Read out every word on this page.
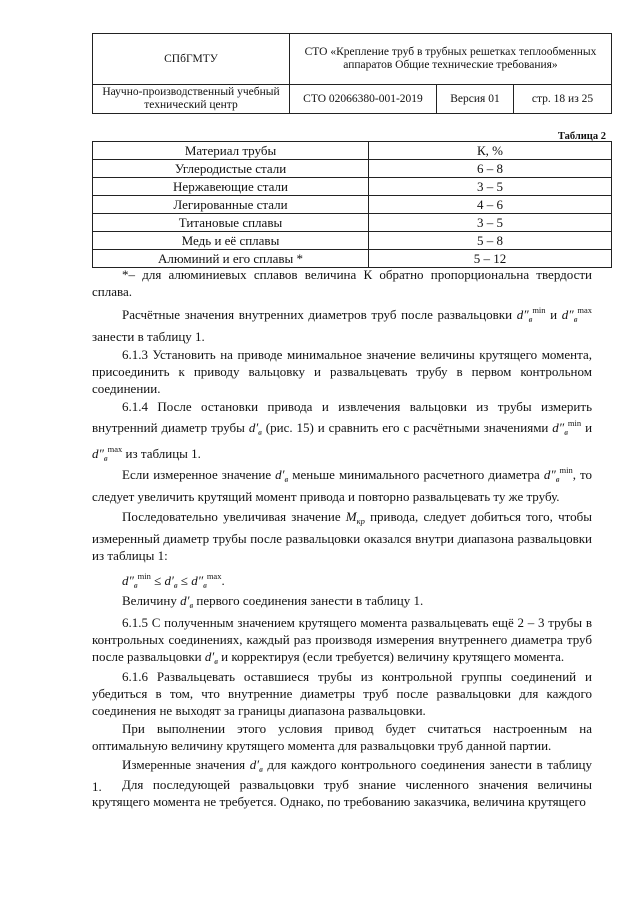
СПбГМТУ	СТО «Крепление труб в трубных решетках теплообменных аппаратов Общие технические требования»		
Научно-производственный учебный технический центр	СТО 02066380-001-2019	Версия 01	стр. 18 из 25
Таблица 2
Материал трубы	К, %
Углеродистые стали	6 – 8
Нержавеющие стали	3 – 5
Легированные стали	4 – 6
Титановые сплавы	3 – 5
Медь и её сплавы	5 – 8
Алюминий и его сплавы *	5 – 12

*– для алюминиевых сплавов величина К обратно пропорциональна твердости сплава.

Расчётные значения внутренних диаметров труб после развальцовки $d''_в^{min}$ и $d''_в^{max}$ занести в таблицу 1.

6.1.3 Установить на приводе минимальное значение величины крутящего момента, присоединить к приводу вальцовку и развальцевать трубу в первом контрольном соединении.

6.1.4 После остановки привода и извлечения вальцовки из трубы измерить внутренний диаметр трубы $d'_в$ (рис. 15) и сравнить его с расчётными значениями $d''_в^{min}$ и $d''_в^{max}$ из таблицы 1.

Если измеренное значение $d'_в$ меньше минимального расчетного диаметра $d''_в^{min}$, то следует увеличить крутящий момент привода и повторно развальцевать ту же трубу.

Последовательно увеличивая значение $M_{кр}$ привода, следует добиться того, чтобы измеренный диаметр трубы после развальцовки оказался внутри диапазона развальцовки из таблицы 1:

$d''_в^{min} \le d'_в \le d''_в^{max}$.

Величину $d'_в$ первого соединения занести в таблицу 1.

6.1.5 С полученным значением крутящего момента развальцевать ещё 2 – 3 трубы в контрольных соединениях, каждый раз производя измерения внутреннего диаметра труб после развальцовки $d'_в$ и корректируя (если требуется) величину крутящего момента.

6.1.6 Развальцевать оставшиеся трубы из контрольной группы соединений и убедиться в том, что внутренние диаметры труб после развальцовки для каждого соединения не выходят за границы диапазона развальцовки.

При выполнении этого условия привод будет считаться настроенным на оптимальную величину крутящего момента для развальцовки труб данной партии.

Измеренные значения $d'_в$ для каждого контрольного соединения занести в таблицу 1.	Для последующей развальцовки труб знание численного значения величины крутящего момента не требуется. Однако, по требованию заказчика, величина крутящего
